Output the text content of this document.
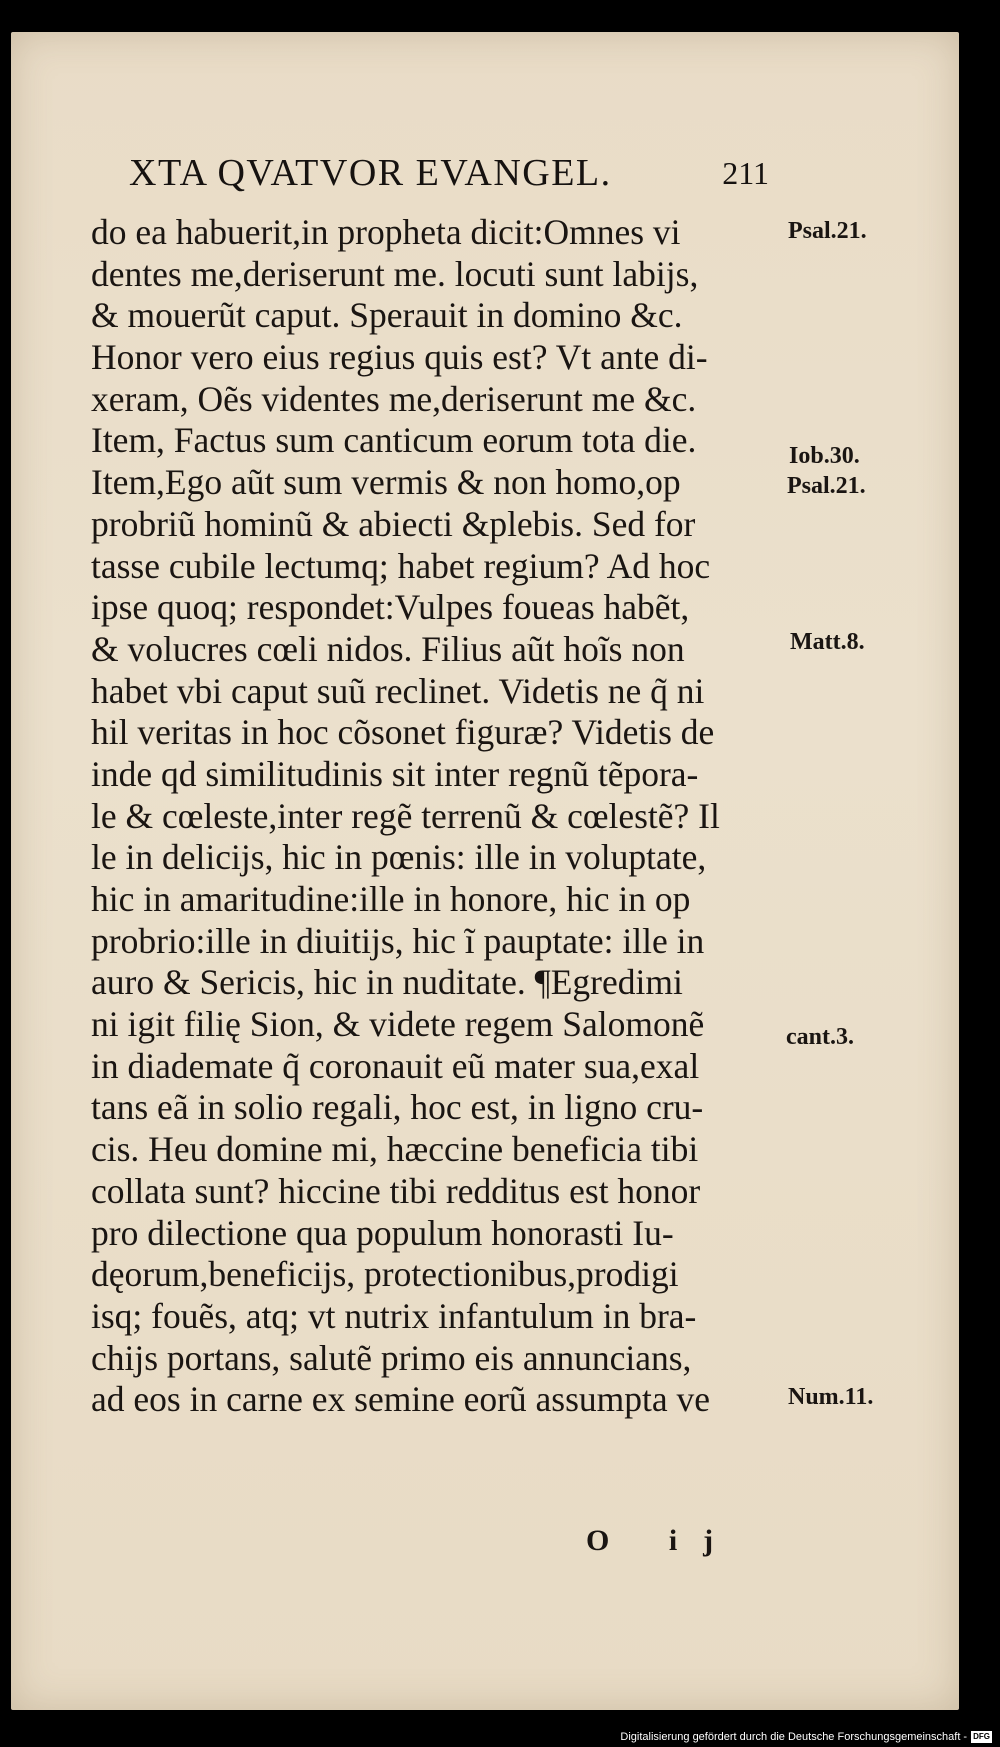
XTA QVATVOR EVANGEL.	211
do ea habuerit,in propheta dicit:Omnes vi
dentes me,deriserunt me. locuti sunt labijs,
& mouerũt caput. Sperauit in domino &c.
Honor vero eius regius quis est? Vt ante di-
xeram, Oẽs videntes me,deriserunt me &c.
Item, Factus sum canticum eorum tota die.
Item,Ego aũt sum vermis & non homo,op
probriũ hominũ & abiecti &plebis. Sed for
tasse cubile lectumq; habet regium? Ad hoc
ipse quoq; respondet:Vulpes foueas habẽt,
& volucres cœli nidos. Filius aũt hoĩs non
habet vbi caput suũ reclinet. Videtis ne q̃ ni
hil veritas in hoc cõsonet figuræ? Videtis de
inde qd similitudinis sit inter regnũ tẽpora-
le & cœleste,inter regẽ terrenũ & cœlestẽ? Il
le in delicijs, hic in pœnis: ille in voluptate,
hic in amaritudine:ille in honore, hic in op
probrio:ille in diuitijs, hic ĩ pauptate: ille in
auro & Sericis, hic in nuditate. ¶Egredimi
ni igit filię Sion, & videte regem Salomonẽ
in diademate q̃ coronauit eũ mater sua,exal
tans eã in solio regali, hoc est, in ligno cru-
cis. Heu domine mi, hæccine beneficia tibi
collata sunt? hiccine tibi redditus est honor
pro dilectione qua populum honorasti Iu-
dęorum,beneficijs, protectionibus,prodigi
isq; fouẽs, atq; vt nutrix infantulum in bra-
chijs portans, salutẽ primo eis annuncians,
ad eos in carne ex semine eorũ assumpta ve
Psal.21.
Iob.30.
Psal.21.
Matt.8.
cant.3.
Num.11.
O ij
Digitalisierung gefördert durch die Deutsche Forschungsgemeinschaft - DFG
